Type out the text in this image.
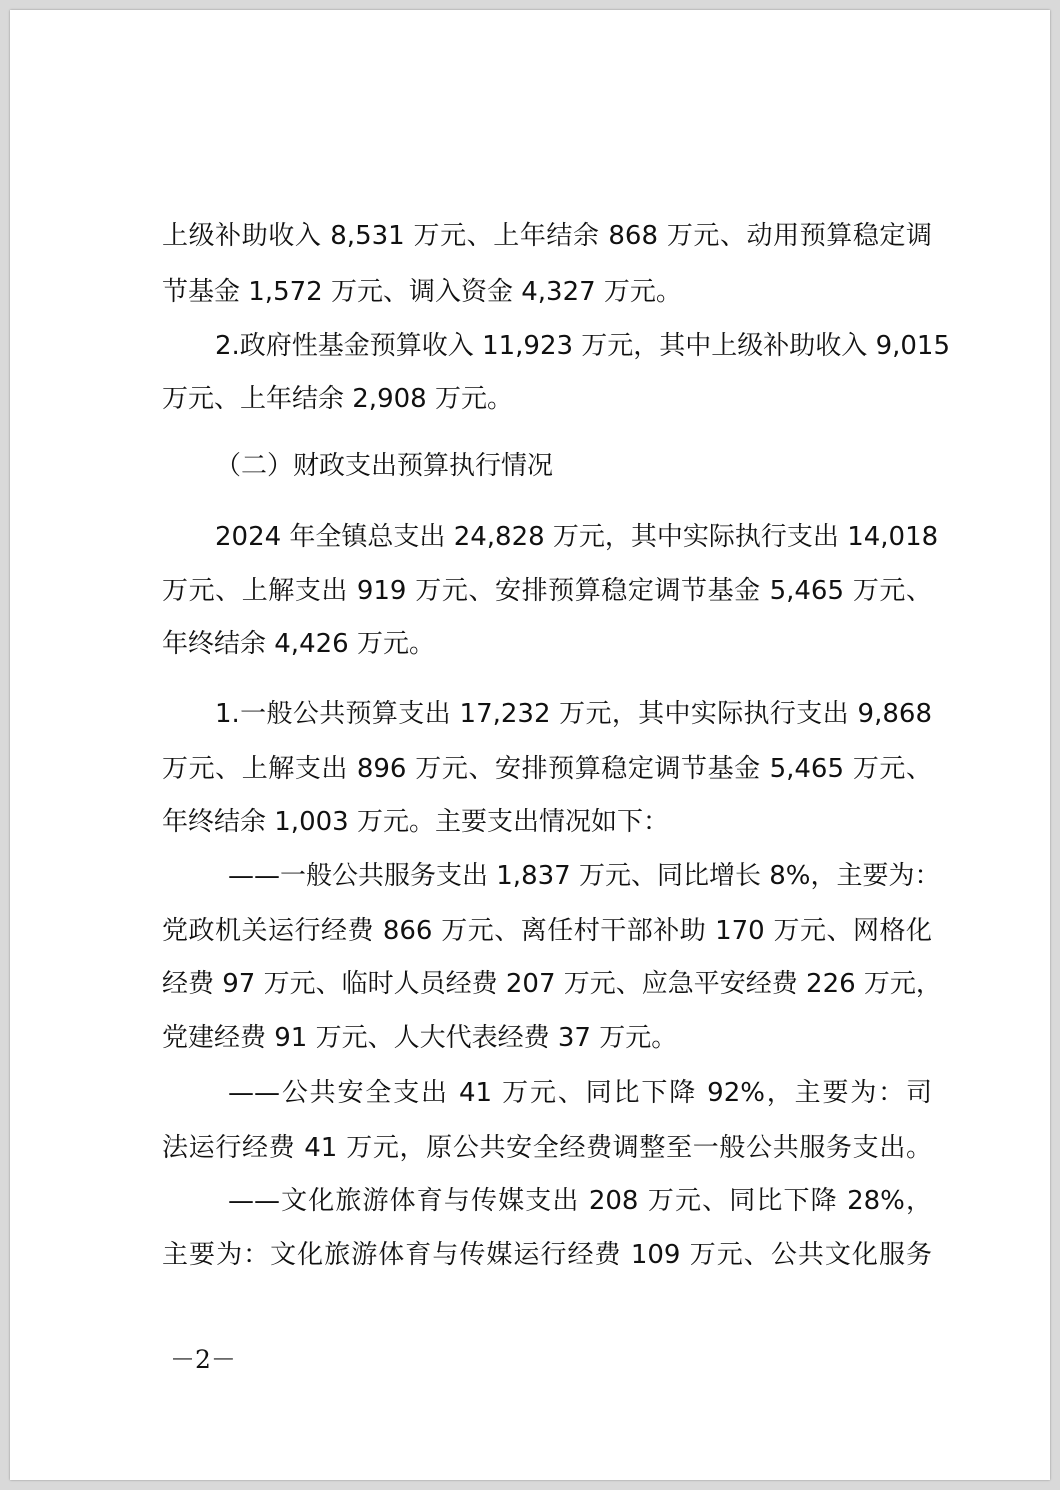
上级补助收入 8,531 万元、上年结余 868 万元、动用预算稳定调
节基金 1,572 万元、调入资金 4,327 万元。
2.政府性基金预算收入 11,923 万元，其中上级补助收入 9,015
万元、上年结余 2,908 万元。
（二）财政支出预算执行情况
2024 年全镇总支出 24,828 万元，其中实际执行支出 14,018
万元、上解支出 919 万元、安排预算稳定调节基金 5,465 万元、
年终结余 4,426 万元。
1.一般公共预算支出 17,232 万元，其中实际执行支出 9,868
万元、上解支出 896 万元、安排预算稳定调节基金 5,465 万元、
年终结余 1,003 万元。主要支出情况如下：
——一般公共服务支出 1,837 万元、同比增长 8%，主要为：
党政机关运行经费 866 万元、离任村干部补助 170 万元、网格化
经费 97 万元、临时人员经费 207 万元、应急平安经费 226 万元，
党建经费 91 万元、人大代表经费 37 万元。
——公共安全支出 41 万元、同比下降 92%，主要为：司
法运行经费 41 万元，原公共安全经费调整至一般公共服务支出。
——文化旅游体育与传媒支出 208 万元、同比下降 28%，
主要为：文化旅游体育与传媒运行经费 109 万元、公共文化服务
－2－
